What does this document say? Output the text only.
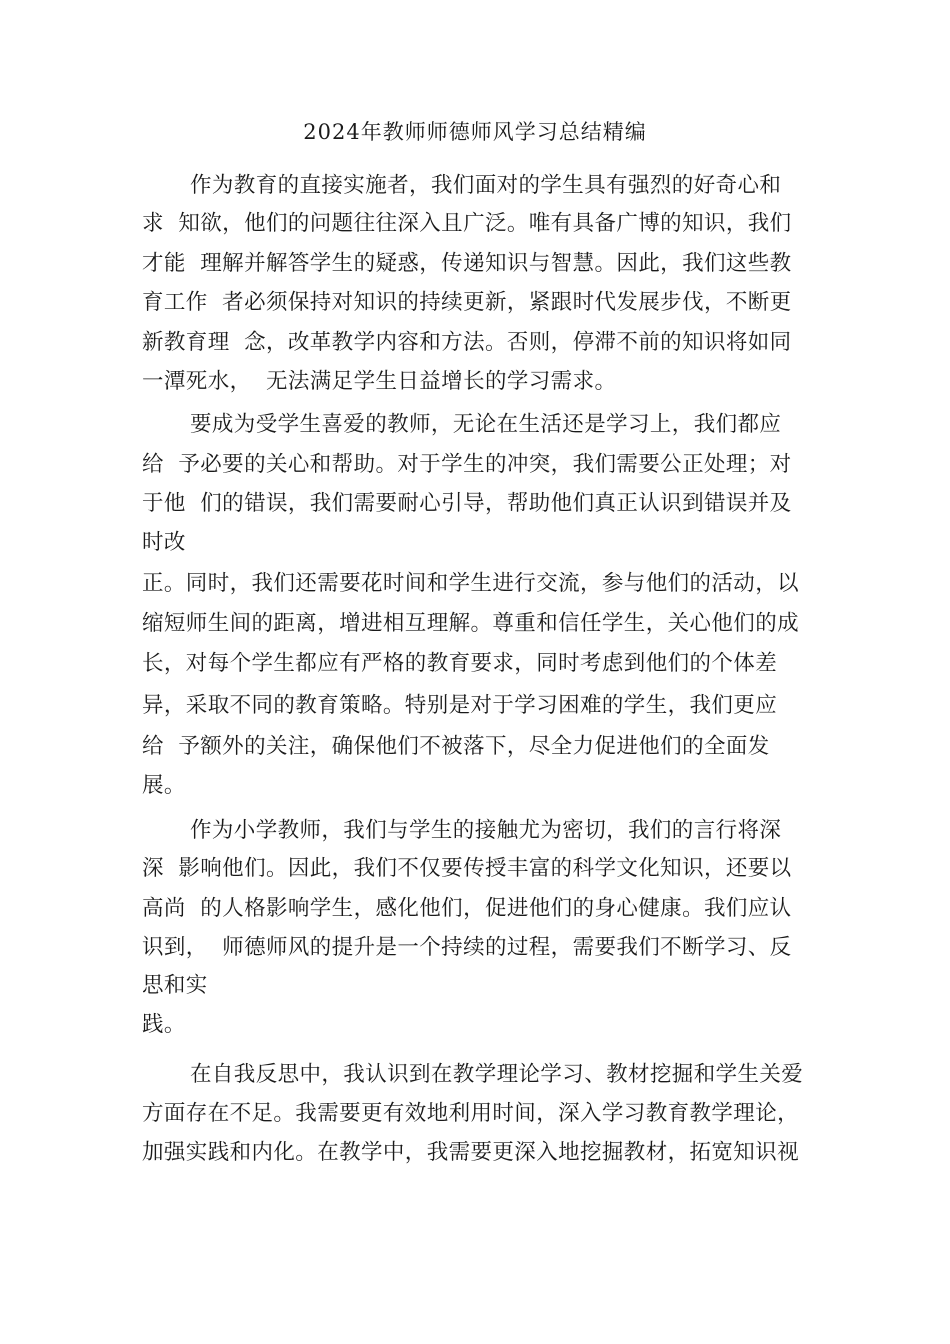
2024年教师师德师风学习总结精编
作为教育的直接实施者，我们面对的学生具有强烈的好奇心和
求  知欲，他们的问题往往深入且广泛。唯有具备广博的知识，我们
才能  理解并解答学生的疑惑，传递知识与智慧。因此，我们这些教
育工作  者必须保持对知识的持续更新，紧跟时代发展步伐，不断更
新教育理  念，改革教学内容和方法。否则，停滞不前的知识将如同
一潭死水，  无法满足学生日益增长的学习需求。
要成为受学生喜爱的教师，无论在生活还是学习上，我们都应
给  予必要的关心和帮助。对于学生的冲突，我们需要公正处理；对
于他  们的错误，我们需要耐心引导，帮助他们真正认识到错误并及
时改
正。同时，我们还需要花时间和学生进行交流，参与他们的活动，以
缩短师生间的距离，增进相互理解。尊重和信任学生，关心他们的成
长，对每个学生都应有严格的教育要求，同时考虑到他们的个体差
异，采取不同的教育策略。特别是对于学习困难的学生，我们更应
给  予额外的关注，确保他们不被落下，尽全力促进他们的全面发
展。
作为小学教师，我们与学生的接触尤为密切，我们的言行将深
深  影响他们。因此，我们不仅要传授丰富的科学文化知识，还要以
高尚  的人格影响学生，感化他们，促进他们的身心健康。我们应认
识到，  师德师风的提升是一个持续的过程，需要我们不断学习、反
思和实
践。
在自我反思中，我认识到在教学理论学习、教材挖掘和学生关爱
方面存在不足。我需要更有效地利用时间，深入学习教育教学理论，
加强实践和内化。在教学中，我需要更深入地挖掘教材，拓宽知识视
